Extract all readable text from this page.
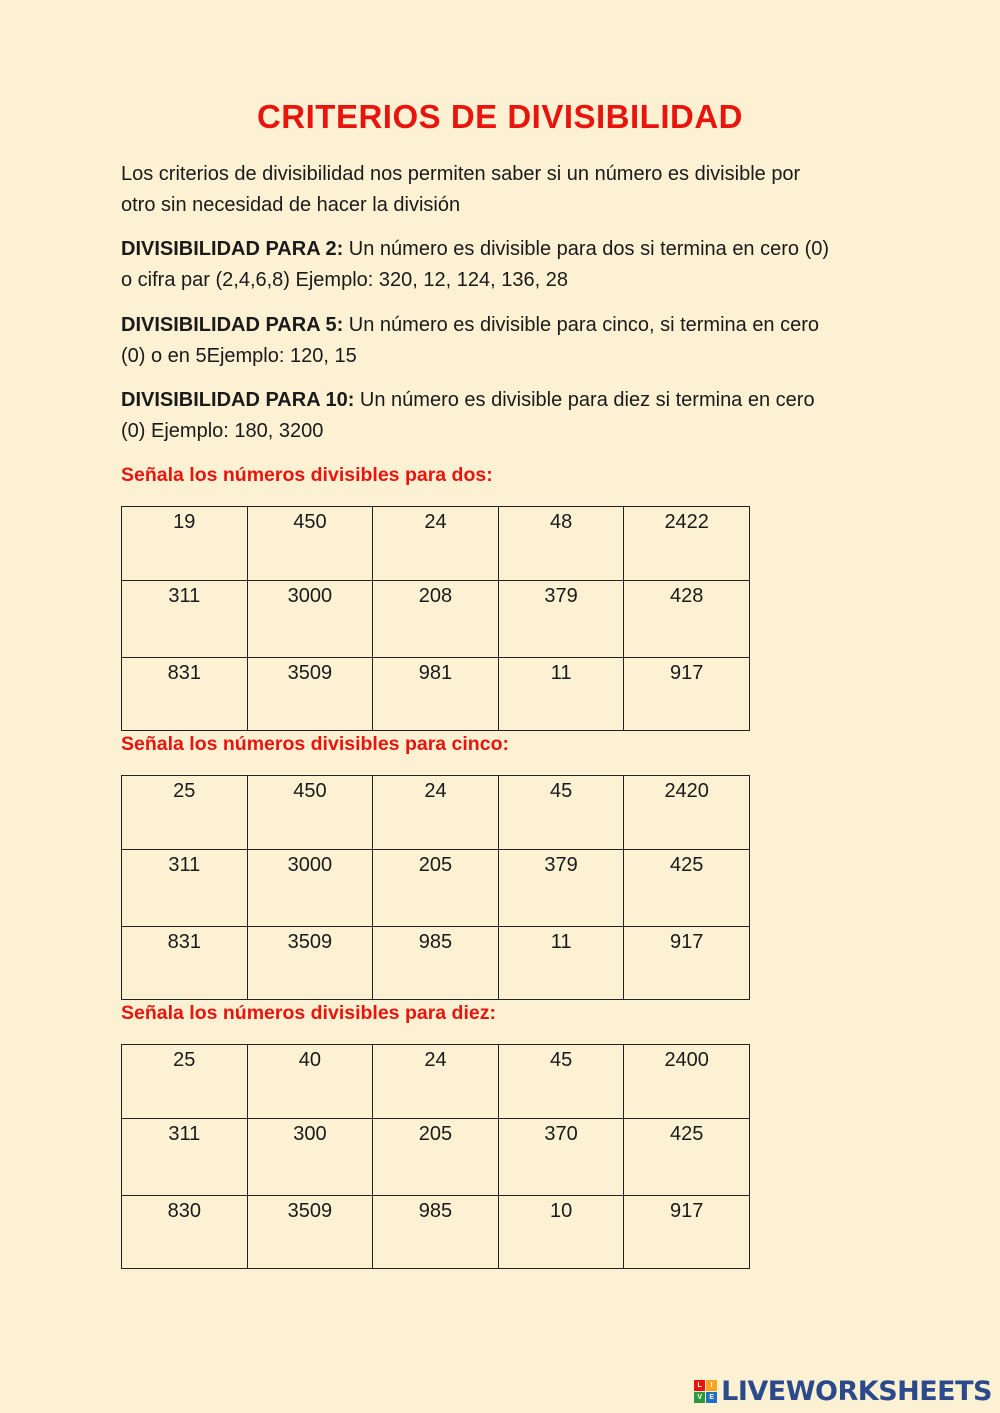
CRITERIOS DE DIVISIBILIDAD

Los criterios de divisibilidad nos permiten saber si un número es divisible por
otro sin necesidad de hacer la división

DIVISIBILIDAD PARA 2: Un número es divisible para dos si termina en cero (0)
o cifra par (2,4,6,8) Ejemplo: 320, 12, 124, 136, 28

DIVISIBILIDAD PARA 5: Un número es divisible para cinco, si termina en cero
(0) o en 5Ejemplo: 120, 15

DIVISIBILIDAD PARA 10: Un número es divisible para diez si termina en cero
(0) Ejemplo: 180, 3200

Señala los números divisibles para dos:

19	450	24	48	2422
311	3000	208	379	428
831	3509	981	11	917

Señala los números divisibles para cinco:

25	450	24	45	2420
311	3000	205	379	425
831	3509	985	11	917

Señala los números divisibles para diez:

25	40	24	45	2400
311	300	205	370	425
830	3509	985	10	917
L	I
V	E LIVEWORKSHEETS
